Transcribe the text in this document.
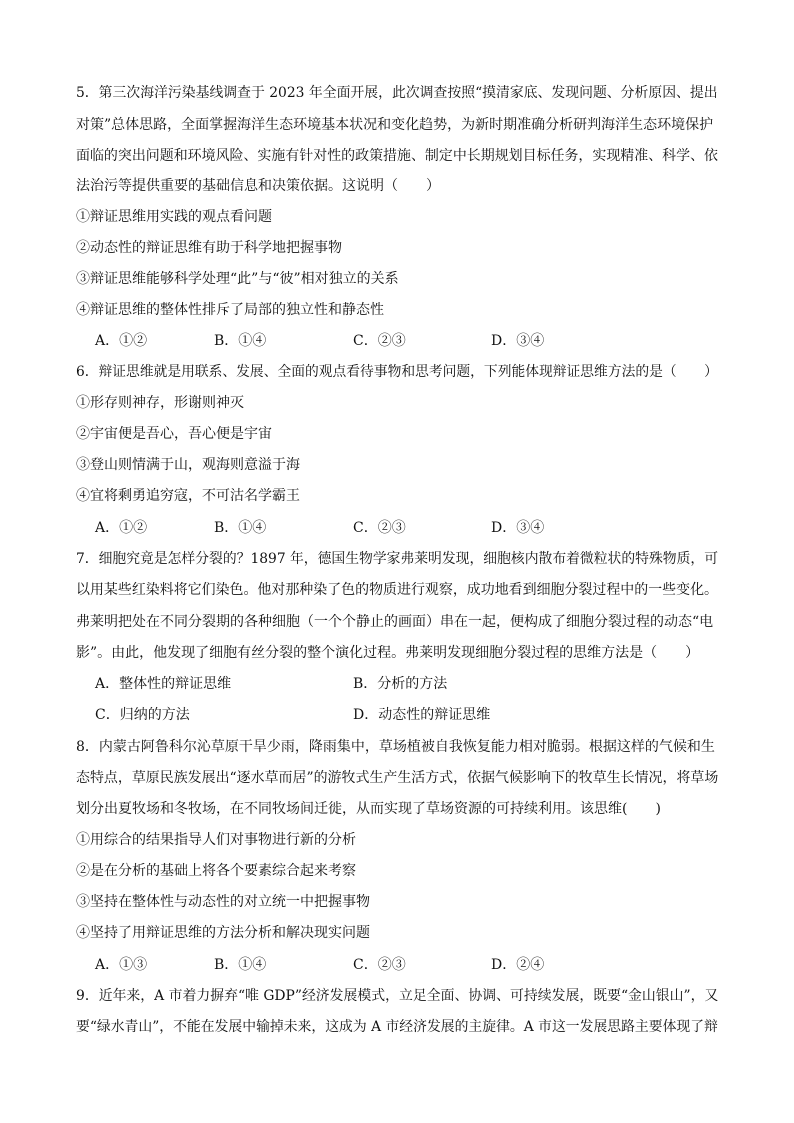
5．第三次海洋污染基线调查于 2023 年全面开展，此次调查按照“摸清家底、发现问题、分析原因、提出
对策”总体思路，全面掌握海洋生态环境基本状况和变化趋势，为新时期准确分析研判海洋生态环境保护
面临的突出问题和环境风险、实施有针对性的政策措施、制定中长期规划目标任务，实现精准、科学、依
法治污等提供重要的基础信息和决策依据。这说明（　　）
①辩证思维用实践的观点看问题
②动态性的辩证思维有助于科学地把握事物
③辩证思维能够科学处理“此”与“彼”相对独立的关系
④辩证思维的整体性排斥了局部的独立性和静态性
A．①②	B．①④	C．②③	D．③④
6．辩证思维就是用联系、发展、全面的观点看待事物和思考问题，下列能体现辩证思维方法的是（　　）
①形存则神存，形谢则神灭
②宇宙便是吾心，吾心便是宇宙
③登山则情满于山，观海则意溢于海
④宜将剩勇追穷寇，不可沽名学霸王
A．①②	B．①④	C．②③	D．③④
7．细胞究竟是怎样分裂的？1897 年，德国生物学家弗莱明发现，细胞核内散布着微粒状的特殊物质，可
以用某些红染料将它们染色。他对那种染了色的物质进行观察，成功地看到细胞分裂过程中的一些变化。
弗莱明把处在不同分裂期的各种细胞（一个个静止的画面）串在一起，便构成了细胞分裂过程的动态“电
影”。由此，他发现了细胞有丝分裂的整个演化过程。弗莱明发现细胞分裂过程的思维方法是（　　）
A．整体性的辩证思维	B．分析的方法
C．归纳的方法	D．动态性的辩证思维
8．内蒙古阿鲁科尔沁草原干旱少雨，降雨集中，草场植被自我恢复能力相对脆弱。根据这样的气候和生
态特点，草原民族发展出“逐水草而居”的游牧式生产生活方式，依据气候影响下的牧草生长情况，将草场
划分出夏牧场和冬牧场，在不同牧场间迁徙，从而实现了草场资源的可持续利用。该思维(　　)
①用综合的结果指导人们对事物进行新的分析
②是在分析的基础上将各个要素综合起来考察
③坚持在整体性与动态性的对立统一中把握事物
④坚持了用辩证思维的方法分析和解决现实问题
A．①③	B．①④	C．②③	D．②④
9．近年来，A 市着力摒弃“唯 GDP”经济发展模式，立足全面、协调、可持续发展，既要“金山银山”，又
要“绿水青山”，不能在发展中输掉未来，这成为 A 市经济发展的主旋律。A 市这一发展思路主要体现了辩
